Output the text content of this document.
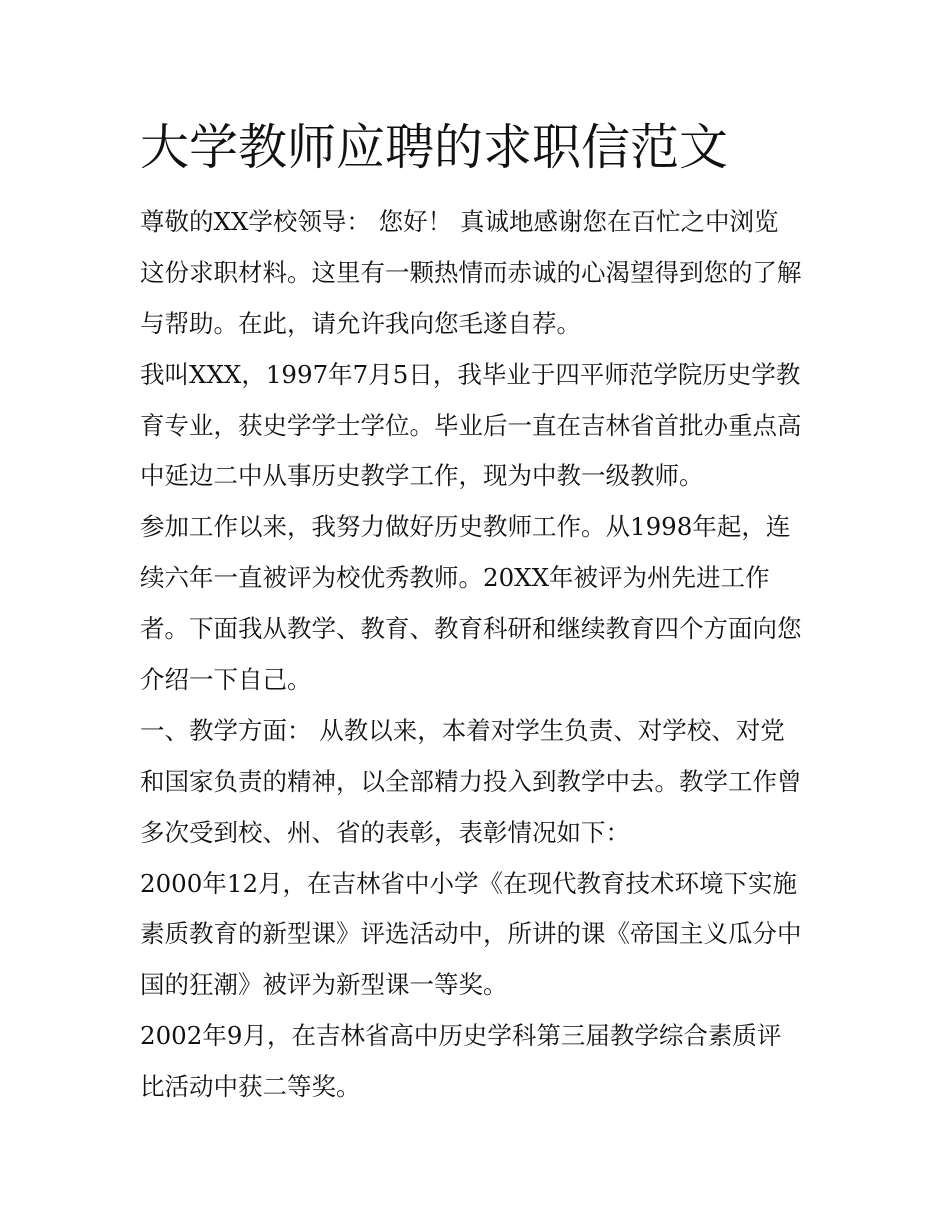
大学教师应聘的求职信范文
尊敬的XX学校领导： 您好！ 真诚地感谢您在百忙之中浏览
这份求职材料。这里有一颗热情而赤诚的心渴望得到您的了解
与帮助。在此，请允许我向您毛遂自荐。
我叫XXX，1997年7月5日，我毕业于四平师范学院历史学教
育专业，获史学学士学位。毕业后一直在吉林省首批办重点高
中延边二中从事历史教学工作，现为中教一级教师。
参加工作以来，我努力做好历史教师工作。从1998年起，连
续六年一直被评为校优秀教师。20XX年被评为州先进工作
者。下面我从教学、教育、教育科研和继续教育四个方面向您
介绍一下自己。
一、教学方面： 从教以来，本着对学生负责、对学校、对党
和国家负责的精神，以全部精力投入到教学中去。教学工作曾
多次受到校、州、省的表彰，表彰情况如下：
2000年12月，在吉林省中小学《在现代教育技术环境下实施
素质教育的新型课》评选活动中，所讲的课《帝国主义瓜分中
国的狂潮》被评为新型课一等奖。
2002年9月，在吉林省高中历史学科第三届教学综合素质评
比活动中获二等奖。
